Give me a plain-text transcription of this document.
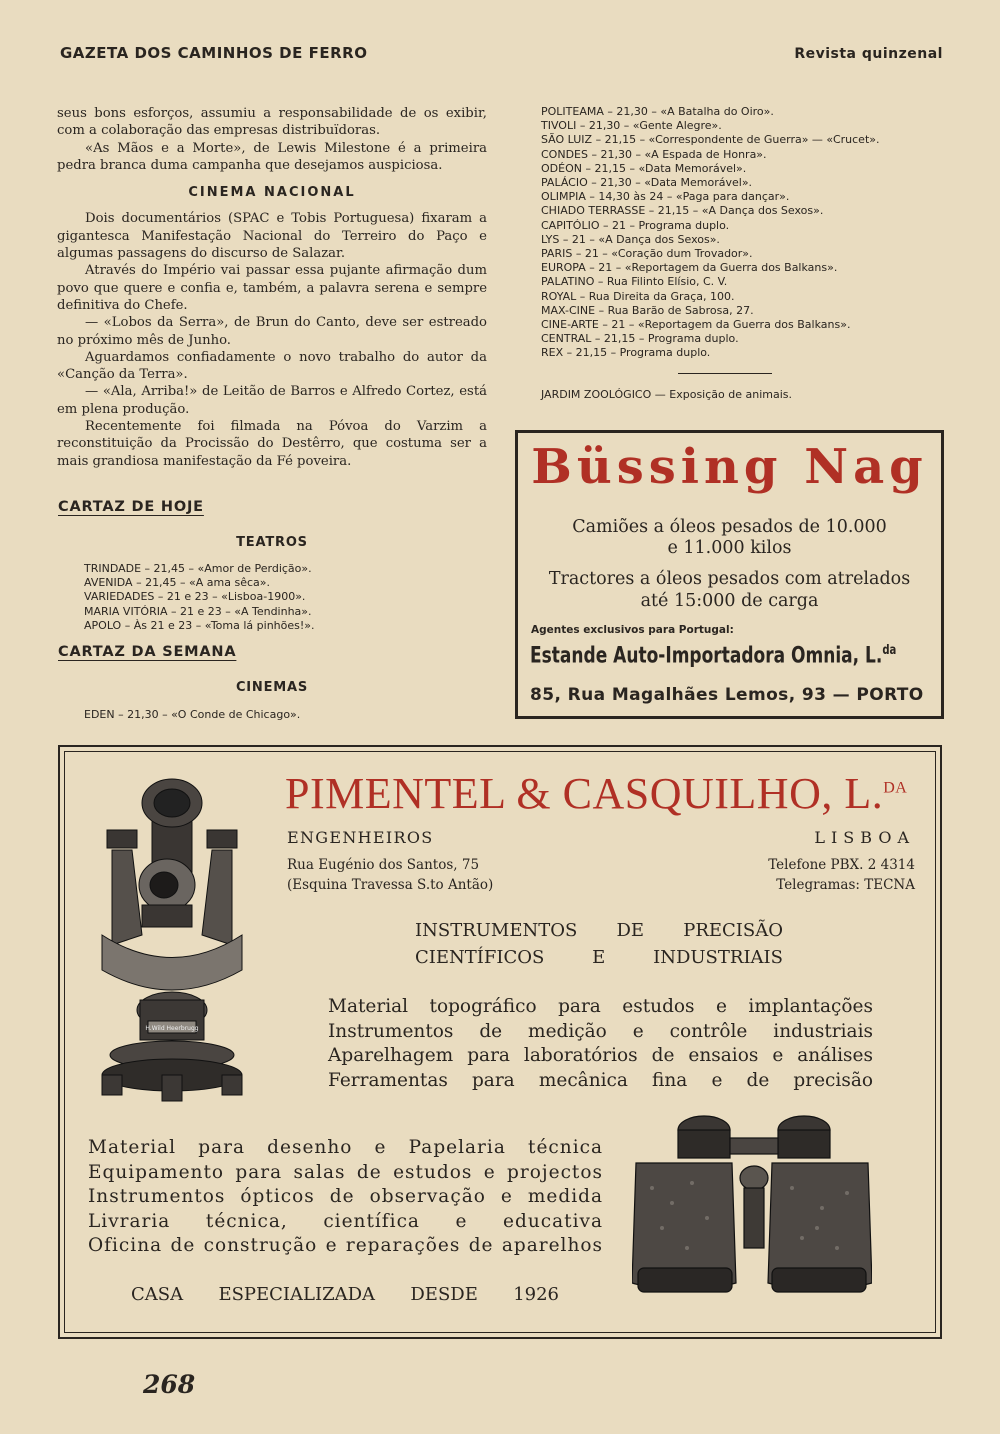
GAZETA DOS CAMINHOS DE FERRO	Revista quinzenal

seus bons esforços, assumiu a responsabilidade de os exibir, com a colaboração das empresas distribuïdoras.

«As Mãos e a Morte», de Lewis Milestone é a primeira pedra branca duma campanha que desejamos auspiciosa.

CINEMA NACIONAL

Dois documentários (SPAC e Tobis Portuguesa) fixaram a gigantesca Manifestação Nacional do Terreiro do Paço e algumas passagens do discurso de Salazar.

Através do Império vai passar essa pujante afirmação dum povo que quere e confia e, também, a palavra serena e sempre definitiva do Chefe.

— «Lobos da Serra», de Brun do Canto, deve ser estreado no próximo mês de Junho.

Aguardamos confiadamente o novo trabalho do autor da «Canção da Terra».

— «Ala, Arriba!» de Leitão de Barros e Alfredo Cortez, está em plena produção.

Recentemente foi filmada na Póvoa do Varzim a reconstituição da Procissão do Destêrro, que costuma ser a mais grandiosa manifestação da Fé poveira.

CARTAZ DE HOJE
TEATROS
TRINDADE – 21,45 – «Amor de Perdição».
AVENIDA – 21,45 – «A ama sêca».
VARIEDADES – 21 e 23 – «Lisboa-1900».
MARIA VITÓRIA – 21 e 23 – «A Tendinha».
APOLO – Às 21 e 23 – «Toma lá pinhões!».
CARTAZ DA SEMANA
CINEMAS
EDEN – 21,30 – «O Conde de Chicago».
POLITEAMA – 21,30 – «A Batalha do Oiro».
TIVOLI – 21,30 – «Gente Alegre».
SÃO LUIZ – 21,15 – «Correspondente de Guerra» — «Crucet».
CONDES – 21,30 – «A Espada de Honra».
ODÉON – 21,15 – «Data Memorável».
PALÁCIO – 21,30 – «Data Memorável».
OLIMPIA – 14,30 às 24 – «Paga para dançar».
CHIADO TERRASSE – 21,15 – «A Dança dos Sexos».
CAPITÓLIO – 21 – Programa duplo.
LYS – 21 – «A Dança dos Sexos».
PARIS – 21 – «Coração dum Trovador».
EUROPA – 21 – «Reportagem da Guerra dos Balkans».
PALATINO – Rua Filinto Elísio, C. V.
ROYAL – Rua Direita da Graça, 100.
MAX-CINE – Rua Barão de Sabrosa, 27.
CINE-ARTE – 21 – «Reportagem da Guerra dos Balkans».
CENTRAL – 21,15 – Programa duplo.
REX – 21,15 – Programa duplo.
JARDIM ZOOLÓGICO — Exposição de animais.
Büssing Nag
Camiões a óleos pesados de 10.000
e 11.000 kilos
Tractores a óleos pesados com atrelados
até 15:000 de carga
Agentes exclusivos para Portugal:
Estande Auto-Importadora Omnia, L.$^{da}$
85, Rua Magalhães Lemos, 93 — PORTO
PIMENTEL & CASQUILHO, L.$^{DA}$
ENGENHEIROS	LISBOA
Rua Eugénio dos Santos, 75
(Esquina Travessa S.to Antão)
Telefone PBX. 2 4314
Telegramas: TECNA
INSTRUMENTOS DE PRECISÃO
CIENTÍFICOS E INDUSTRIAIS
Material topográfico para estudos e implantações
Instrumentos de medição e contrôle industriais
Aparelhagem para laboratórios de ensaios e análises
Ferramentas para mecânica fina e de precisão
Material para desenho e Papelaria técnica
Equipamento para salas de estudos e projectos
Instrumentos ópticos de observação e medida
Livraria técnica, científica e educativa
Oficina de construção e reparações de aparelhos
CASA ESPECIALIZADA DESDE 1926
H.Wild Heerbrugg
268
